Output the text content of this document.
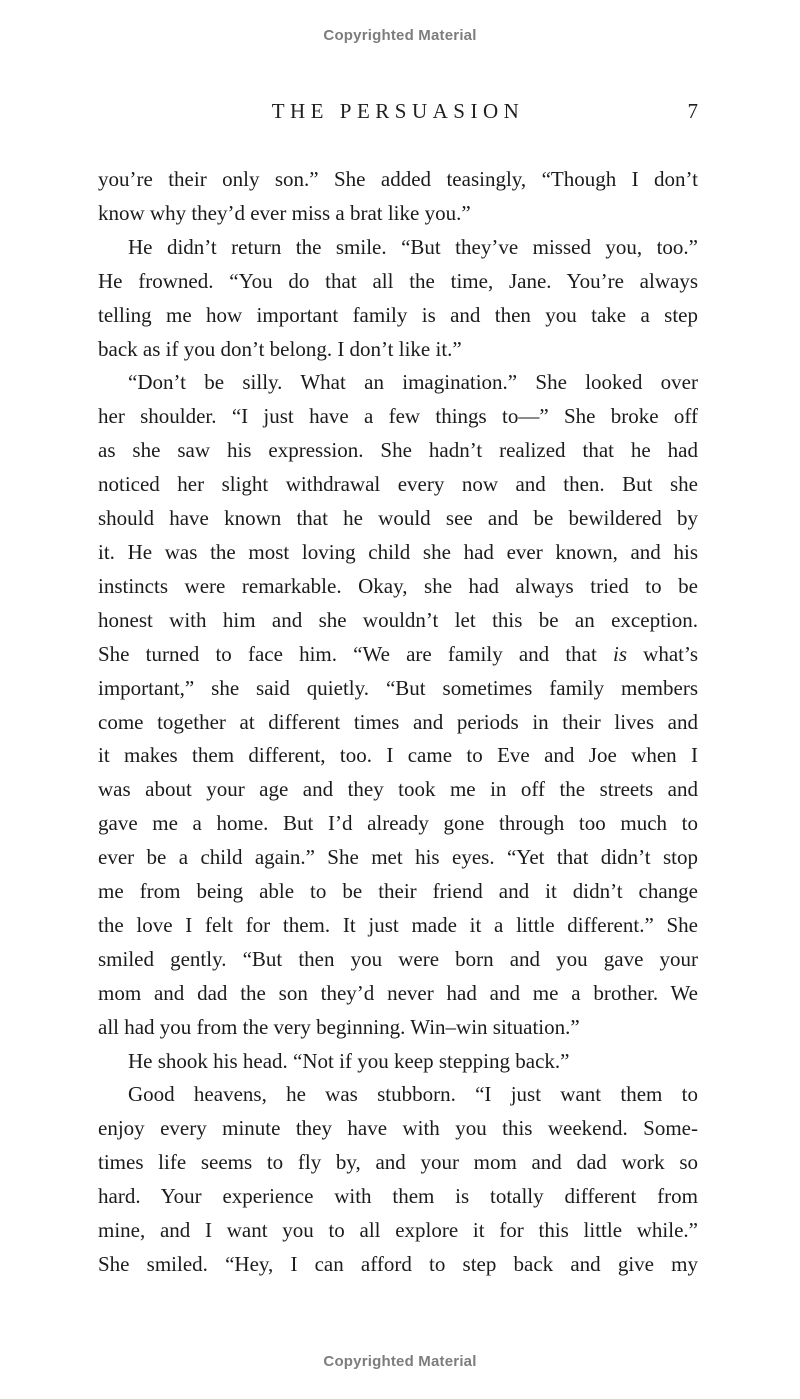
Copyrighted Material
THE PERSUASION	7
you’re their only son.” She added teasingly, “Though I don’t
know why they’d ever miss a brat like you.”
He didn’t return the smile. “But they’ve missed you, too.”
He frowned. “You do that all the time, Jane. You’re always
telling me how important family is and then you take a step
back as if you don’t belong. I don’t like it.”
“Don’t be silly. What an imagination.” She looked over
her shoulder. “I just have a few things to—” She broke off
as she saw his expression. She hadn’t realized that he had
noticed her slight withdrawal every now and then. But she
should have known that he would see and be bewildered by
it. He was the most loving child she had ever known, and his
instincts were remarkable. Okay, she had always tried to be
honest with him and she wouldn’t let this be an exception.
She turned to face him. “We are family and that is what’s
important,” she said quietly. “But sometimes family members
come together at different times and periods in their lives and
it makes them different, too. I came to Eve and Joe when I
was about your age and they took me in off the streets and
gave me a home. But I’d already gone through too much to
ever be a child again.” She met his eyes. “Yet that didn’t stop
me from being able to be their friend and it didn’t change
the love I felt for them. It just made it a little different.” She
smiled gently. “But then you were born and you gave your
mom and dad the son they’d never had and me a brother. We
all had you from the very beginning. Win–win situation.”
He shook his head. “Not if you keep stepping back.”
Good heavens, he was stubborn. “I just want them to
enjoy every minute they have with you this weekend. Some-
times life seems to fly by, and your mom and dad work so
hard. Your experience with them is totally different from
mine, and I want you to all explore it for this little while.”
She smiled. “Hey, I can afford to step back and give my
Copyrighted Material
